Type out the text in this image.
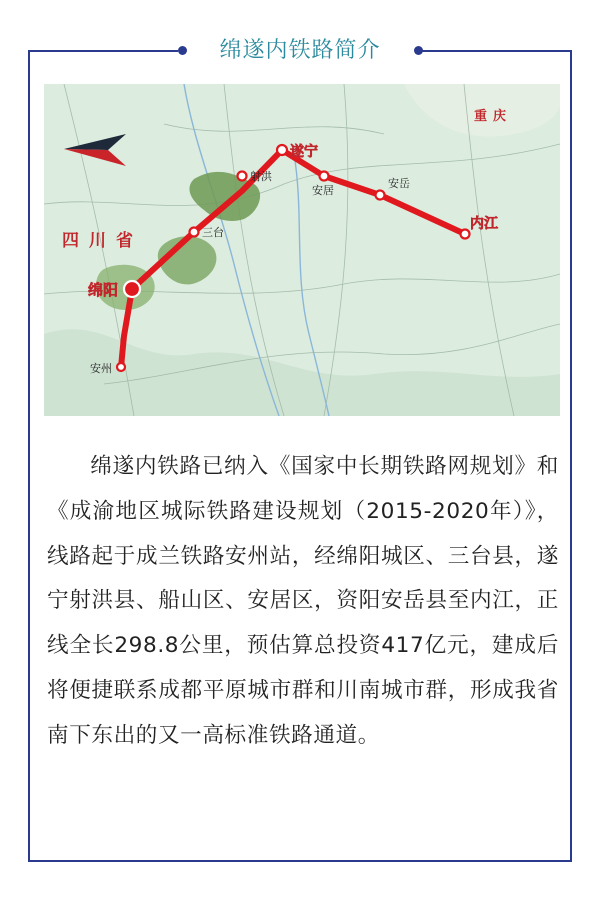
绵遂内铁路简介
四川省
绵阳
安州
三台
射洪
遂宁
安居
安岳
内江
重庆

绵遂内铁路已纳入《国家中长期铁路网规划》和《成渝地区城际铁路建设规划（2015-2020年）》，线路起于成兰铁路安州站，经绵阳城区、三台县，遂宁射洪县、船山区、安居区，资阳安岳县至内江，正线全长298.8公里，预估算总投资417亿元，建成后将便捷联系成都平原城市群和川南城市群，形成我省南下东出的又一高标准铁路通道。
